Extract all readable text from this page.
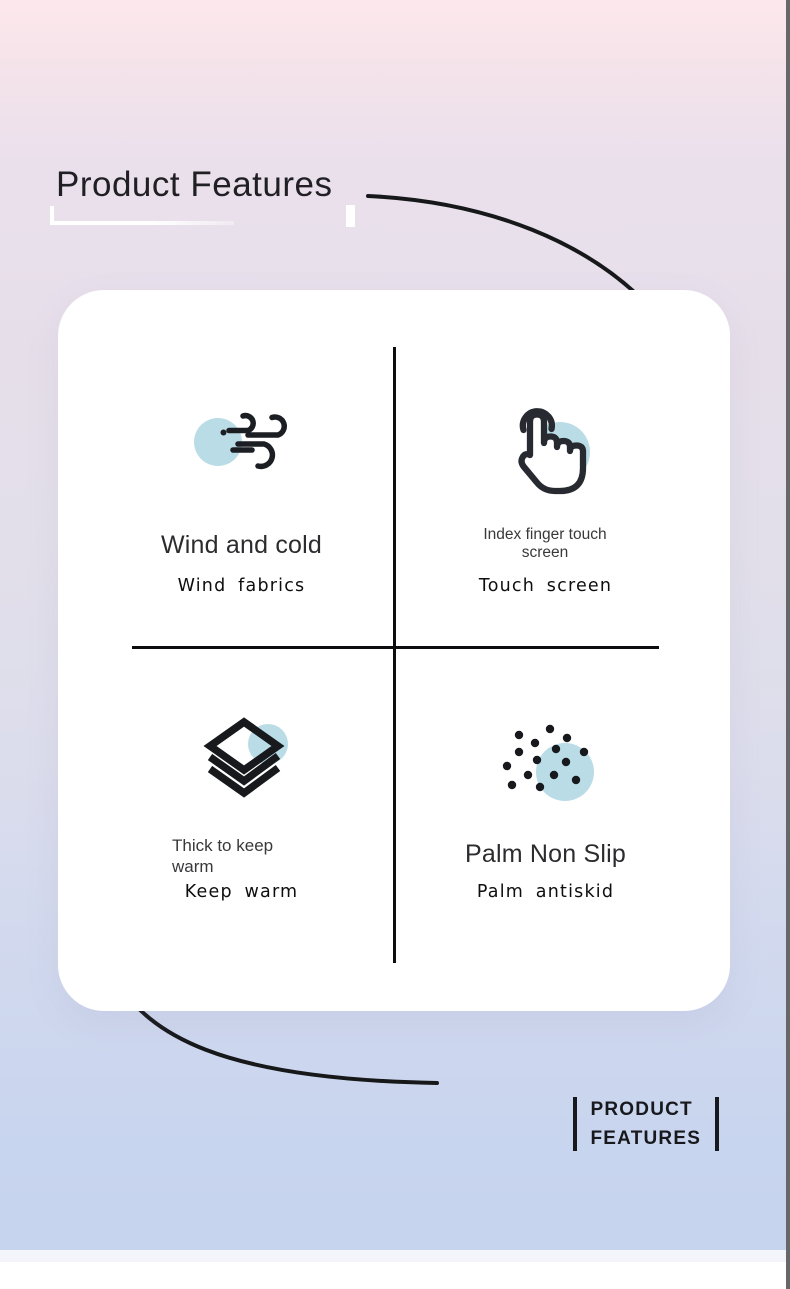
Product Features
Wind and cold
Wind fabrics
Index finger touch screen
Touch screen
Thick to keep warm
Keep warm
Palm Non Slip
Palm antiskid
PRODUCT
FEATURES
